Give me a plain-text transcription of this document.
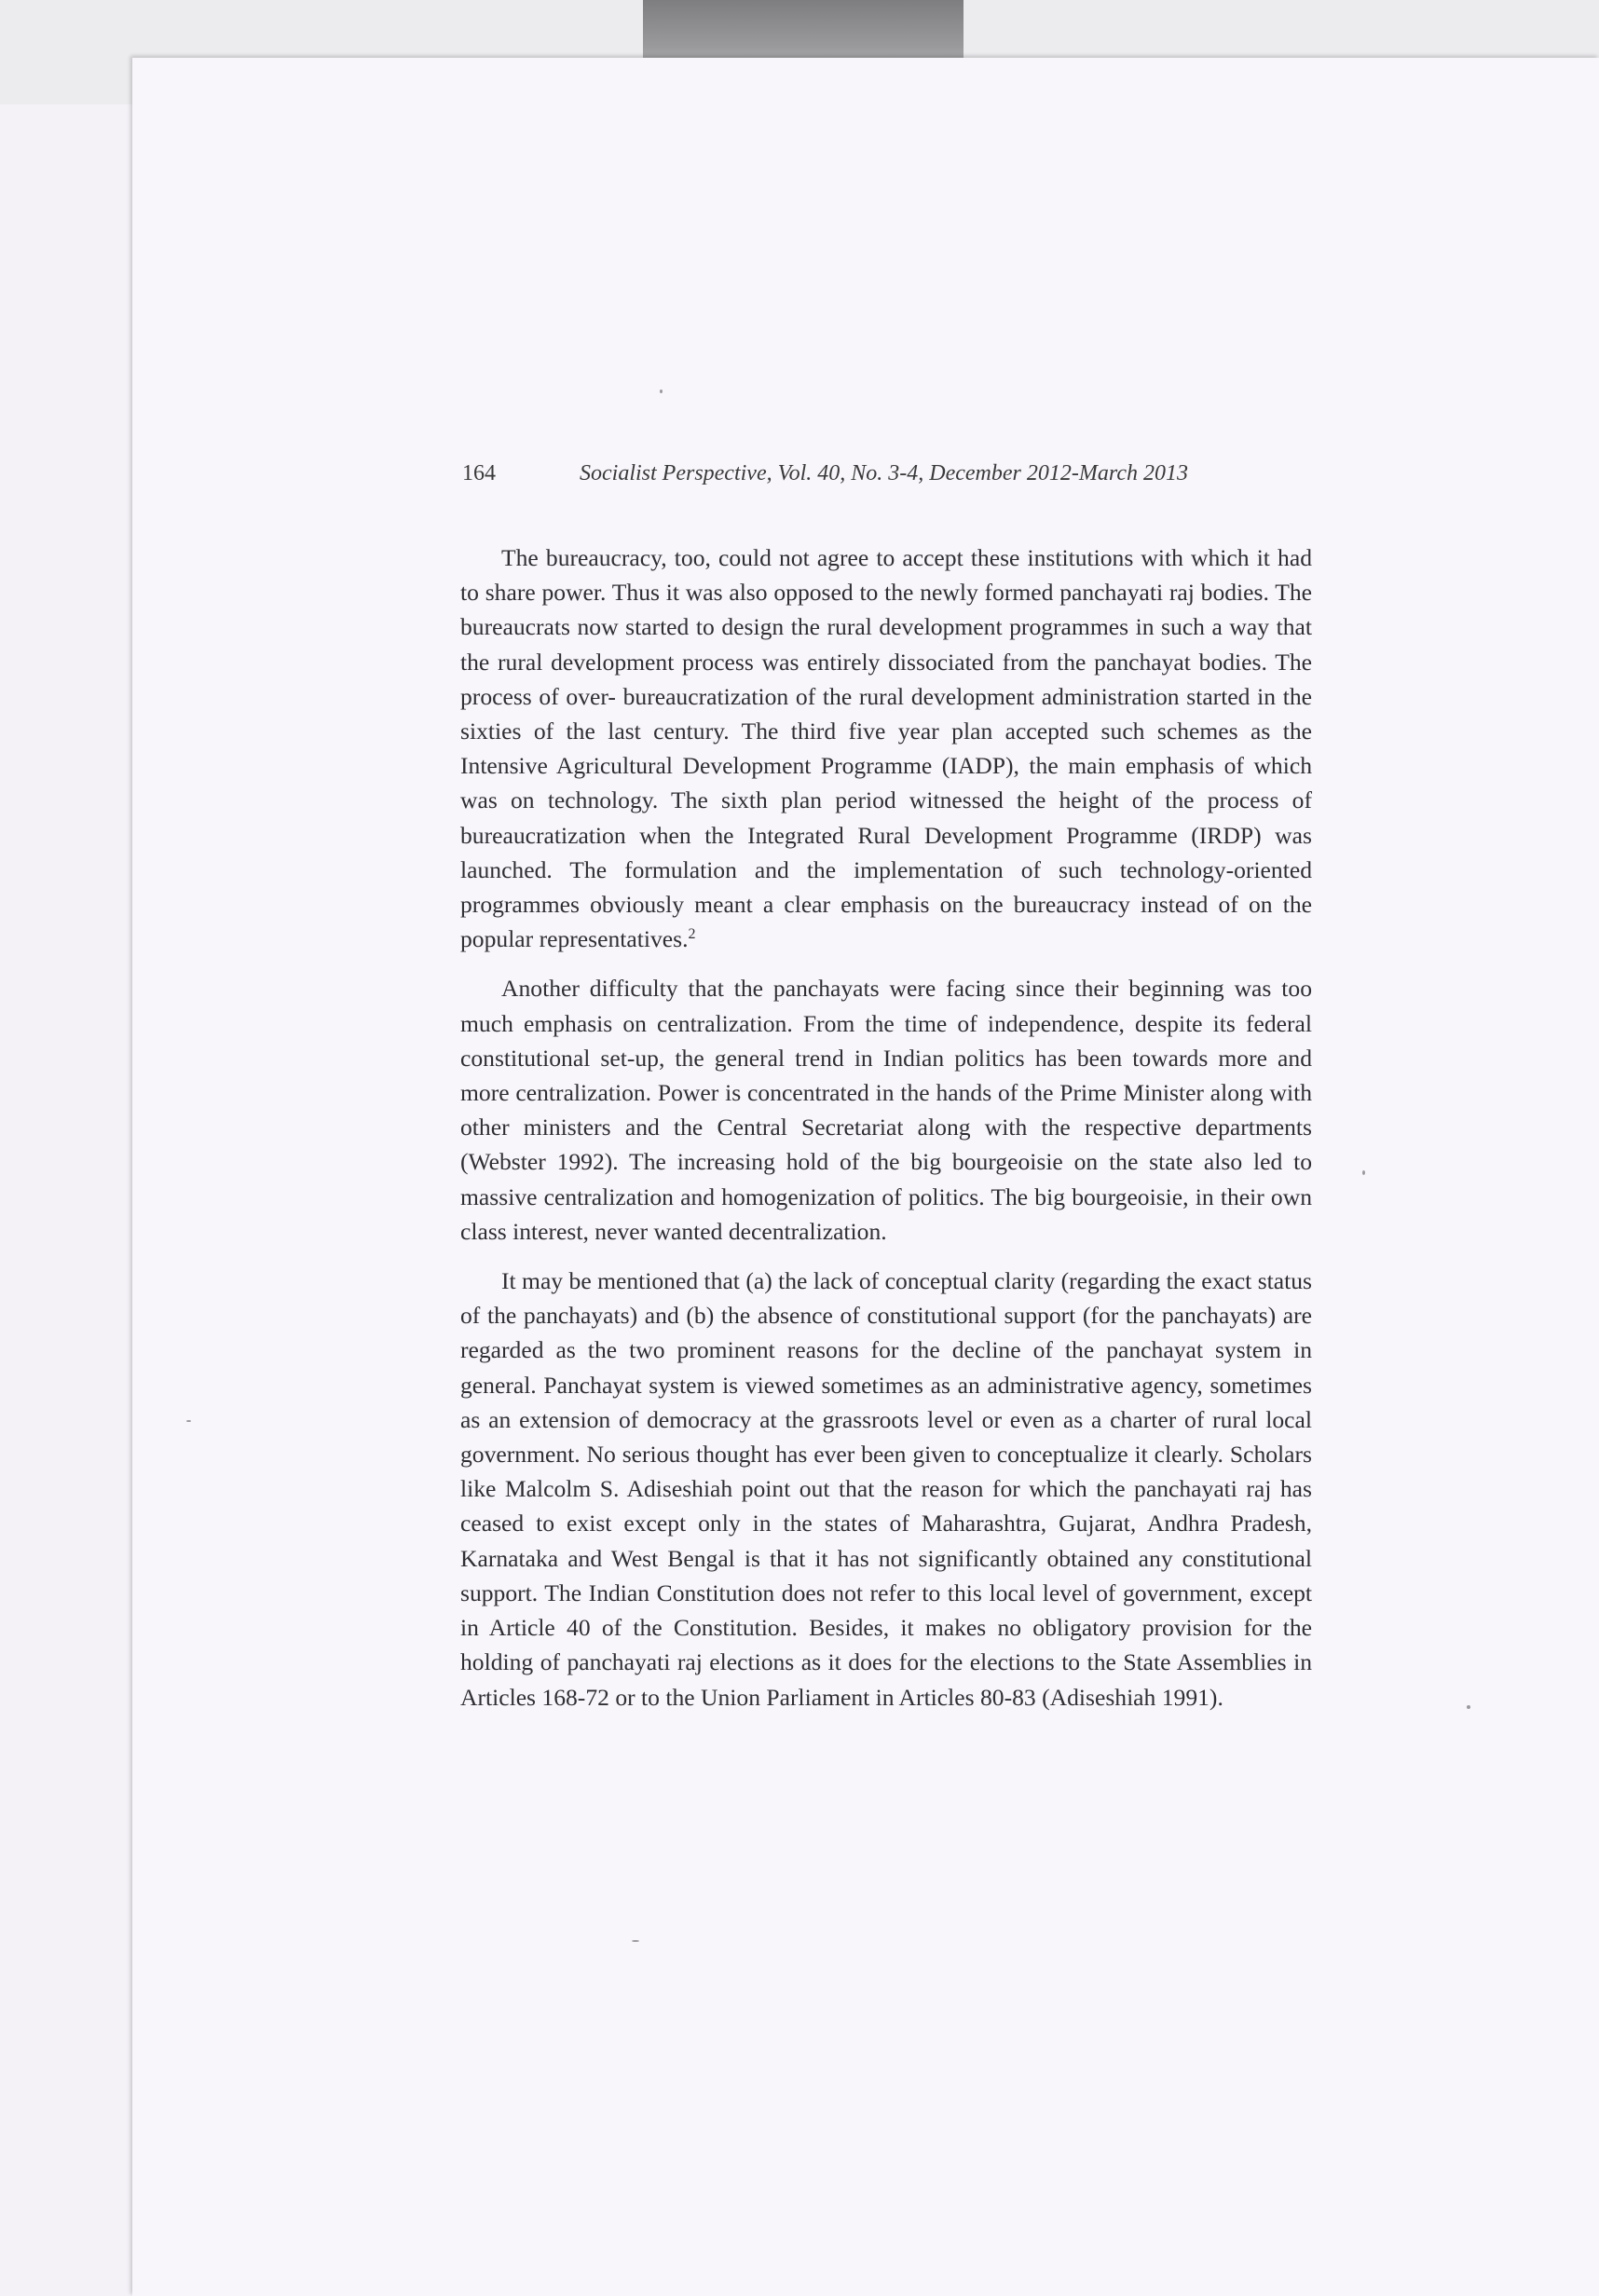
164	Socialist Perspective, Vol. 40, No. 3-4, December 2012-March 2013

The bureaucracy, too, could not agree to accept these institutions with which it had to share power. Thus it was also opposed to the newly formed panchayati raj bodies. The bureaucrats now started to design the rural development programmes in such a way that the rural development process was entirely dissociated from the panchayat bodies. The process of over- bureaucratization of the rural development administration started in the sixties of the last century. The third five year plan accepted such schemes as the Intensive Agricultural Development Programme (IADP), the main emphasis of which was on technology. The sixth plan period witnessed the height of the process of bureaucratization when the Integrated Rural Development Programme (IRDP) was launched. The formulation and the implementation of such technology-oriented programmes obviously meant a clear emphasis on the bureaucracy instead of on the popular representatives.$^2$

Another difficulty that the panchayats were facing since their beginning was too much emphasis on centralization. From the time of independence, despite its federal constitutional set-up, the general trend in Indian politics has been towards more and more centralization. Power is concentrated in the hands of the Prime Minister along with other ministers and the Central Secretariat along with the respective departments (Webster 1992). The increasing hold of the big bourgeoisie on the state also led to massive centralization and homogenization of politics. The big bourgeoisie, in their own class interest, never wanted decentralization.

It may be mentioned that (a) the lack of conceptual clarity (regarding the exact status of the panchayats) and (b) the absence of constitutional support (for the panchayats) are regarded as the two prominent reasons for the decline of the panchayat system in general. Panchayat system is viewed sometimes as an administrative agency, sometimes as an extension of democracy at the grassroots level or even as a charter of rural local government. No serious thought has ever been given to conceptualize it clearly. Scholars like Malcolm S. Adiseshiah point out that the reason for which the panchayati raj has ceased to exist except only in the states of Maharashtra, Gujarat, Andhra Pradesh, Karnataka and West Bengal is that it has not significantly obtained any constitutional support. The Indian Constitution does not refer to this local level of government, except in Article 40 of the Constitution. Besides, it makes no obligatory provision for the holding of panchayati raj elections as it does for the elections to the State Assemblies in Articles 168-72 or to the Union Parliament in Articles 80-83 (Adiseshiah 1991).
